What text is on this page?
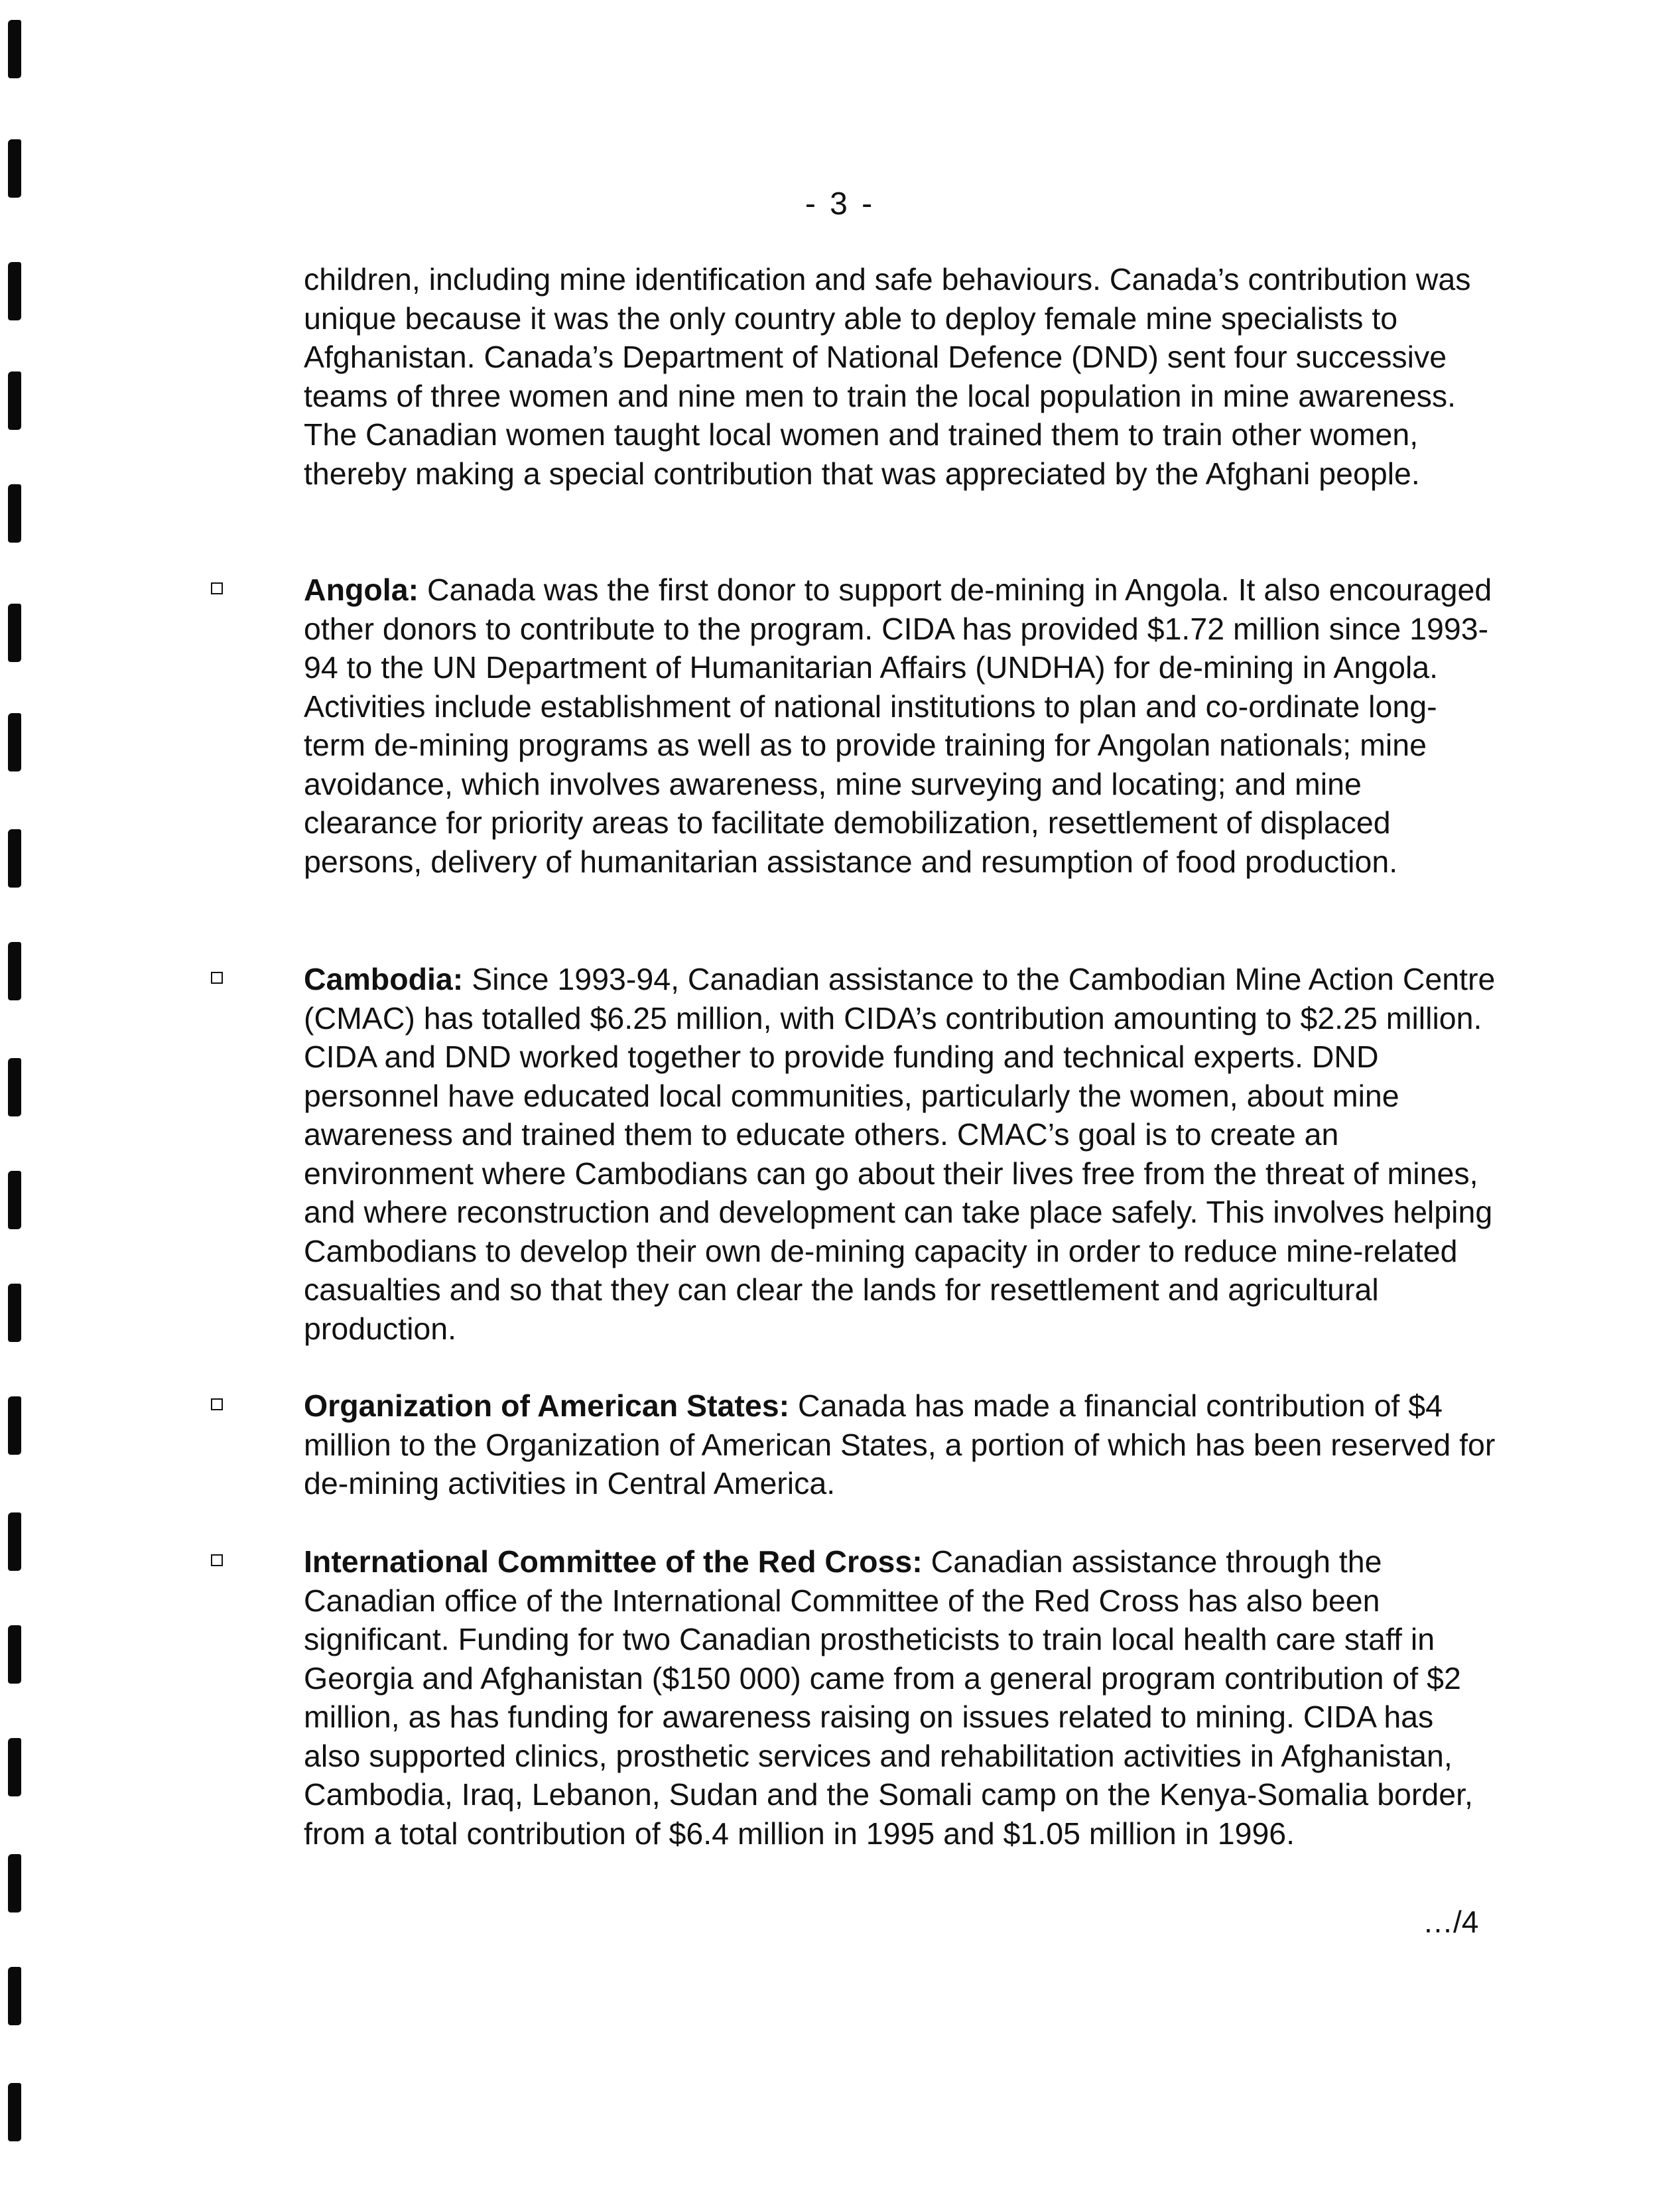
- 3 -

children, including mine identification and safe behaviours. Canada’s contribution was unique because it was the only country able to deploy female mine specialists to Afghanistan. Canada’s Department of National Defence (DND) sent four successive teams of three women and nine men to train the local population in mine awareness. The Canadian women taught local women and trained them to train other women, thereby making a special contribution that was appreciated by the Afghani people.

Angola: Canada was the first donor to support de-mining in Angola. It also encouraged other donors to contribute to the program. CIDA has provided $1.72 million since 1993-94 to the UN Department of Humanitarian Affairs (UNDHA) for de-mining in Angola. Activities include establishment of national institutions to plan and co-ordinate long-term de-mining programs as well as to provide training for Angolan nationals; mine avoidance, which involves awareness, mine surveying and locating; and mine clearance for priority areas to facilitate demobilization, resettlement of displaced persons, delivery of humanitarian assistance and resumption of food production.

Cambodia: Since 1993-94, Canadian assistance to the Cambodian Mine Action Centre (CMAC) has totalled $6.25 million, with CIDA’s contribution amounting to $2.25 million. CIDA and DND worked together to provide funding and technical experts. DND personnel have educated local communities, particularly the women, about mine awareness and trained them to educate others. CMAC’s goal is to create an environment where Cambodians can go about their lives free from the threat of mines, and where reconstruction and development can take place safely. This involves helping Cambodians to develop their own de-mining capacity in order to reduce mine-related casualties and so that they can clear the lands for resettlement and agricultural production.

Organization of American States: Canada has made a financial contribution of $4 million to the Organization of American States, a portion of which has been reserved for de-mining activities in Central America.

International Committee of the Red Cross: Canadian assistance through the Canadian office of the International Committee of the Red Cross has also been significant. Funding for two Canadian prostheticists to train local health care staff in Georgia and Afghanistan ($150 000) came from a general program contribution of $2 million, as has funding for awareness raising on issues related to mining. CIDA has also supported clinics, prosthetic services and rehabilitation activities in Afghanistan, Cambodia, Iraq, Lebanon, Sudan and the Somali camp on the Kenya-Somalia border, from a total contribution of $6.4 million in 1995 and $1.05 million in 1996.

…/4
